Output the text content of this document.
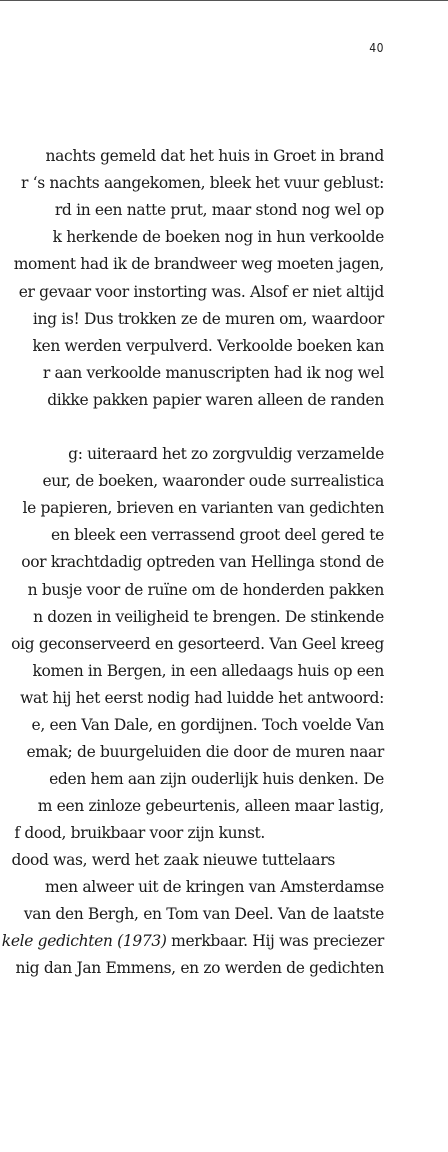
40
nachts gemeld dat het huis in Groet in brand
r ‘s nachts aangekomen, bleek het vuur geblust:
rd in een natte prut, maar stond nog wel op
k herkende de boeken nog in hun verkoolde
moment had ik de brandweer weg moeten jagen,
er gevaar voor instorting was. Alsof er niet altijd
ing is! Dus trokken ze de muren om, waardoor
ken werden verpulverd. Verkoolde boeken kan
r aan verkoolde manuscripten had ik nog wel
dikke pakken papier waren alleen de randen
g: uiteraard het zo zorgvuldig verzamelde
eur, de boeken, waaronder oude surrealistica
le papieren, brieven en varianten van gedichten
en bleek een verrassend groot deel gered te
oor krachtdadig optreden van Hellinga stond de
n busje voor de ruïne om de honderden pakken
n dozen in veiligheid te brengen. De stinkende
oig geconserveerd en gesorteerd. Van Geel kreeg
komen in Bergen, in een alledaags huis op een
wat hij het eerst nodig had luidde het antwoord:
e, een Van Dale, en gordijnen. Toch voelde Van
emak; de buurgeluiden die door de muren naar
eden hem aan zijn ouderlijk huis denken. De
m een zinloze gebeurtenis, alleen maar lastig,
f dood, bruikbaar voor zijn kunst.
dood was, werd het zaak nieuwe tuttelaars
men alweer uit de kringen van Amsterdamse
van den Bergh, en Tom van Deel. Van de laatste
kele gedichten (1973) merkbaar. Hij was preciezer
nig dan Jan Emmens, en zo werden de gedichten
